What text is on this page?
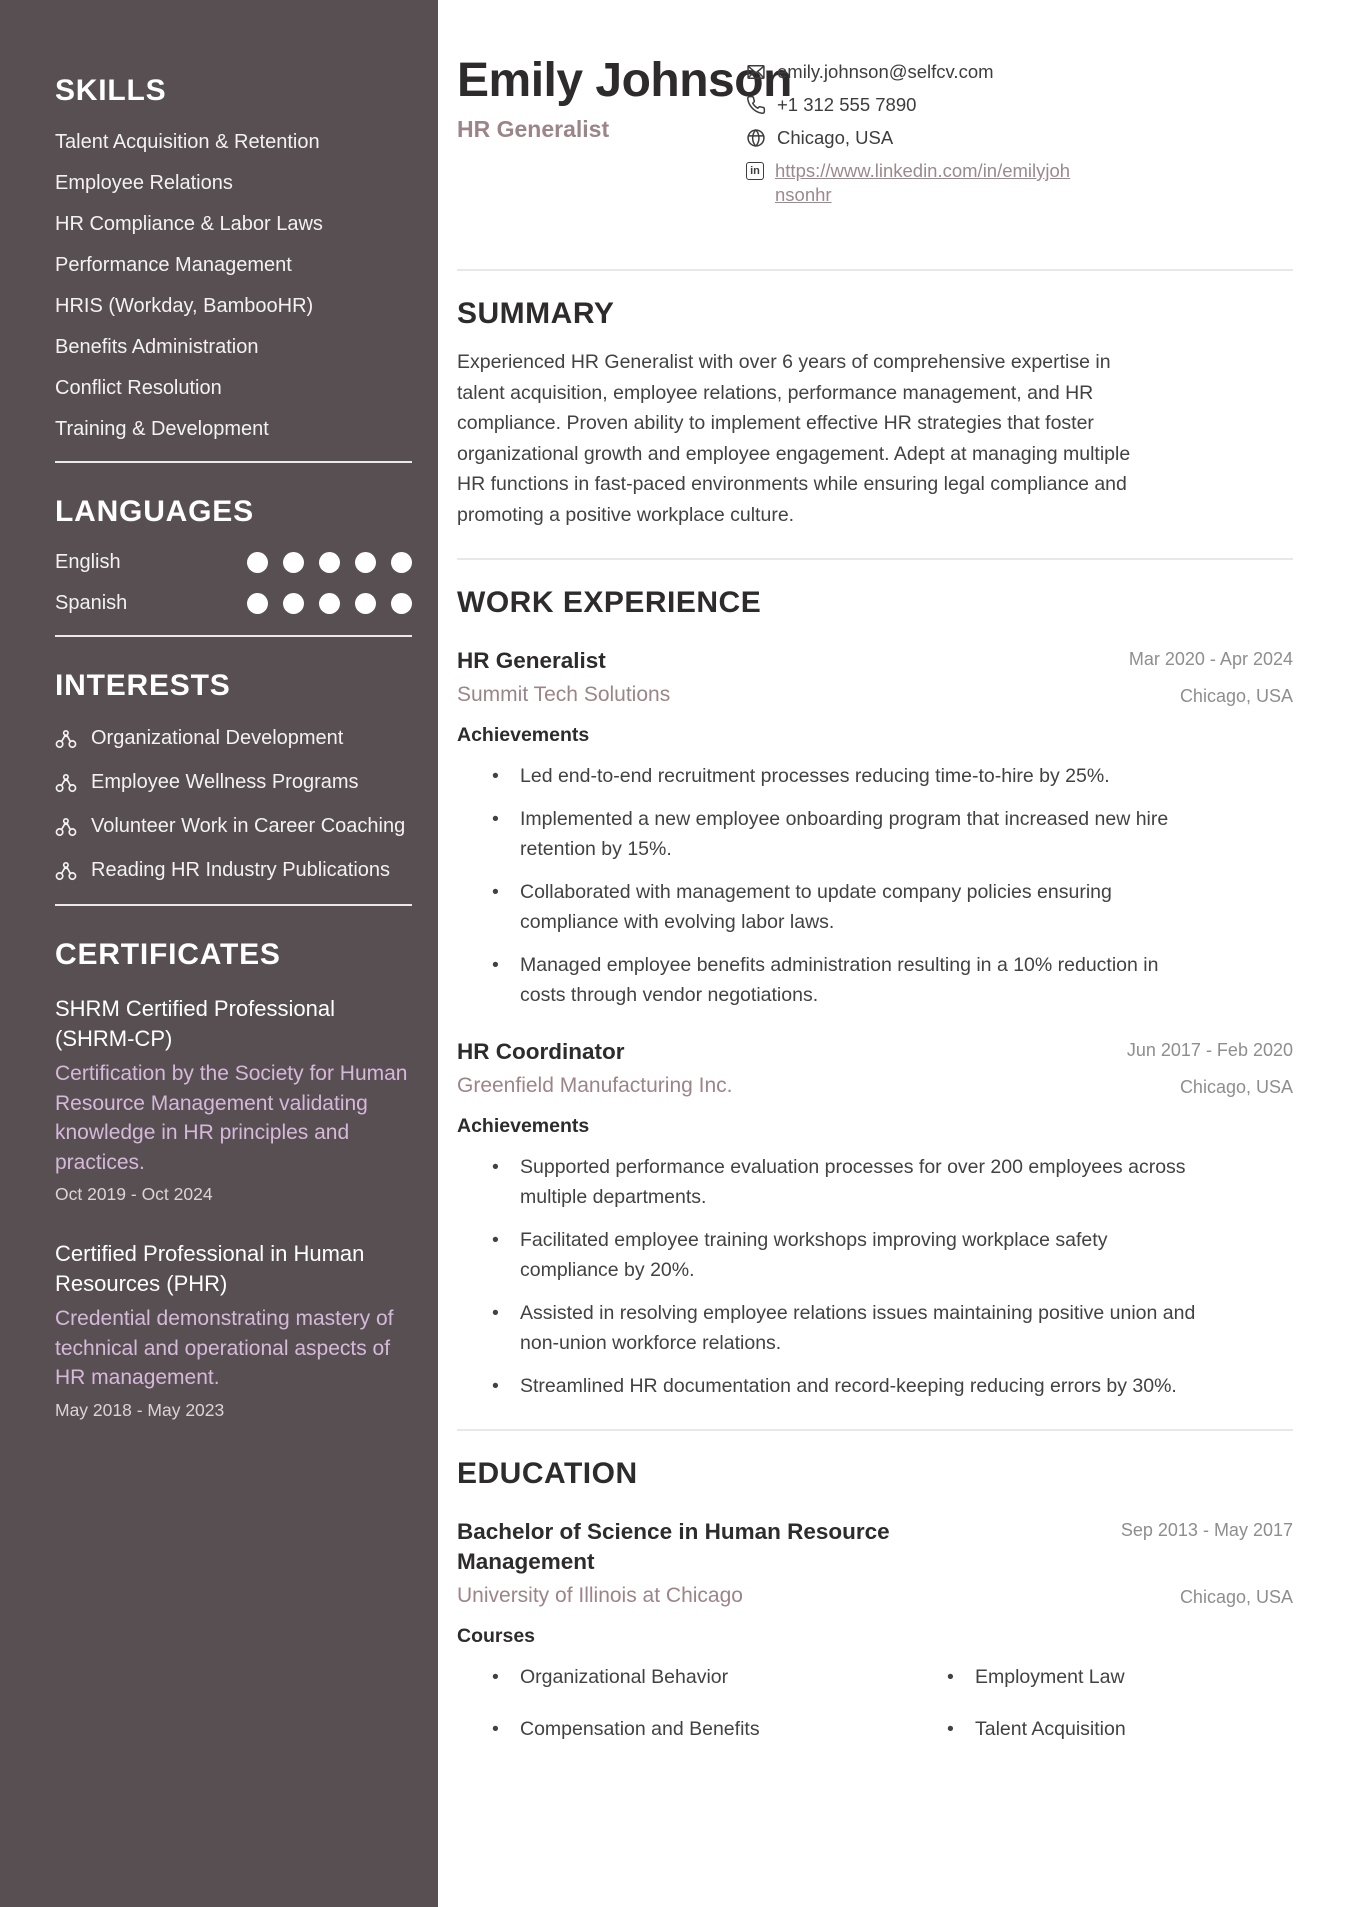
SKILLS
Talent Acquisition & Retention
Employee Relations
HR Compliance & Labor Laws
Performance Management
HRIS (Workday, BambooHR)
Benefits Administration
Conflict Resolution
Training & Development
LANGUAGES
English
Spanish
INTERESTS
Organizational Development
Employee Wellness Programs
Volunteer Work in Career Coaching
Reading HR Industry Publications
CERTIFICATES
SHRM Certified Professional (SHRM-CP)
Certification by the Society for Human Resource Management validating knowledge in HR principles and practices.
Oct 2019 - Oct 2024
Certified Professional in Human Resources (PHR)
Credential demonstrating mastery of technical and operational aspects of HR management.
May 2018 - May 2023
Emily Johnson
HR Generalist
emily.johnson@selfcv.com
+1 312 555 7890
Chicago, USA
in https://www.linkedin.com/in/emilyjohnsonhr
SUMMARY

Experienced HR Generalist with over 6 years of comprehensive expertise in talent acquisition, employee relations, performance management, and HR compliance. Proven ability to implement effective HR strategies that foster organizational growth and employee engagement. Adept at managing multiple HR functions in fast-paced environments while ensuring legal compliance and promoting a positive workplace culture.

WORK EXPERIENCE
HR Generalist	Mar 2020 - Apr 2024
Summit Tech Solutions	Chicago, USA
Achievements
• Led end-to-end recruitment processes reducing time-to-hire by 25%.
• Implemented a new employee onboarding program that increased new hire retention by 15%.
• Collaborated with management to update company policies ensuring compliance with evolving labor laws.
• Managed employee benefits administration resulting in a 10% reduction in costs through vendor negotiations.
HR Coordinator	Jun 2017 - Feb 2020
Greenfield Manufacturing Inc.	Chicago, USA
Achievements
• Supported performance evaluation processes for over 200 employees across multiple departments.
• Facilitated employee training workshops improving workplace safety compliance by 20%.
• Assisted in resolving employee relations issues maintaining positive union and non-union workforce relations.
• Streamlined HR documentation and record-keeping reducing errors by 30%.
EDUCATION
Bachelor of Science in Human Resource Management
Sep 2013 - May 2017
University of Illinois at Chicago	Chicago, USA
Courses
• Organizational Behavior	• Employment Law
• Compensation and Benefits	• Talent Acquisition
